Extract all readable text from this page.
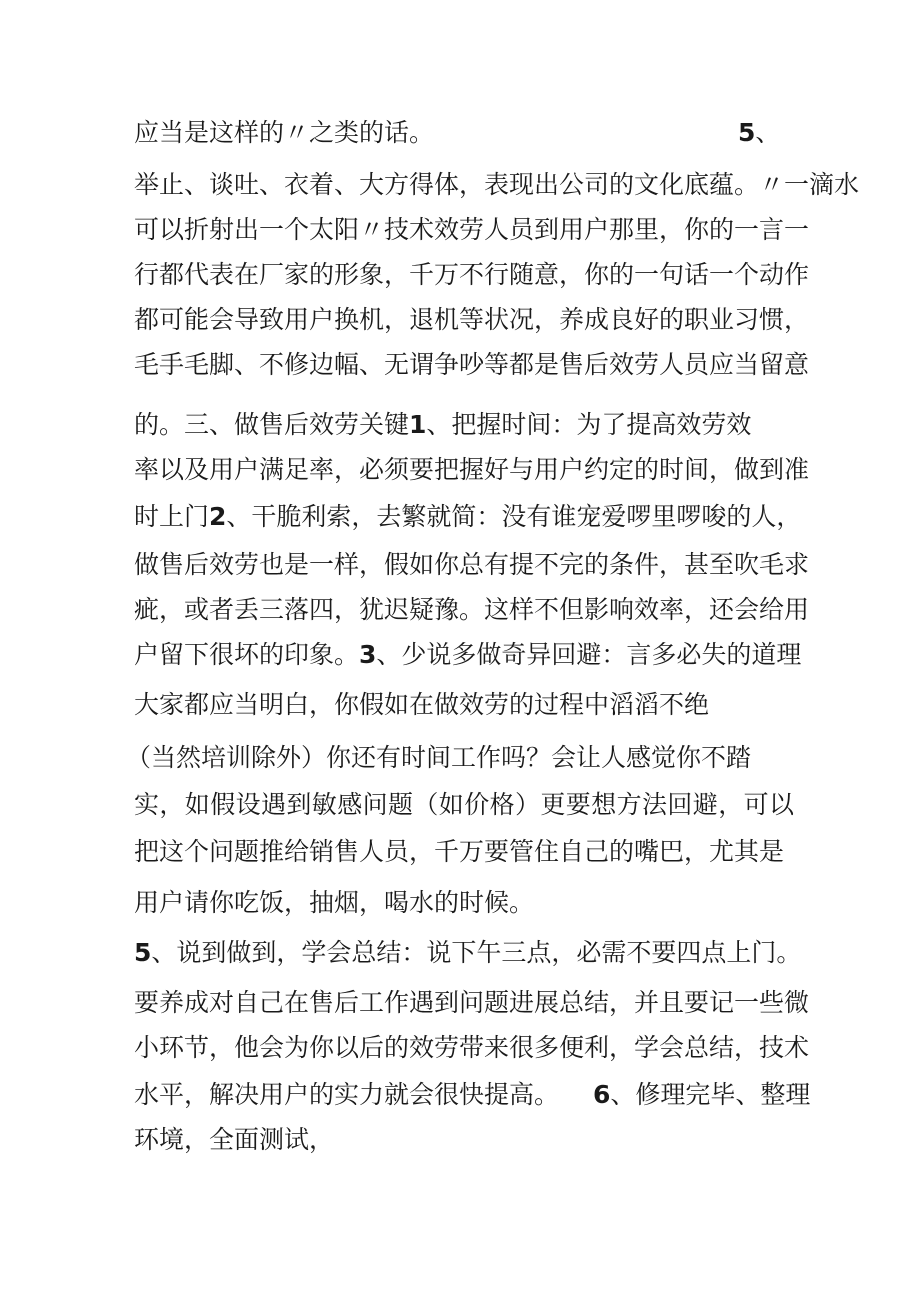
应当是这样的〃之类的话。	5、
举止、谈吐、衣着、大方得体，表现出公司的文化底蕴。〃一滴水
可以折射出一个太阳〃技术效劳人员到用户那里，你的一言一
行都代表在厂家的形象，千万不行随意，你的一句话一个动作
都可能会导致用户换机，退机等状况，养成良好的职业习惯，
毛手毛脚、不修边幅、无谓争吵等都是售后效劳人员应当留意
的。三、做售后效劳关键1、把握时间：为了提高效劳效
率以及用户满足率，必须要把握好与用户约定的时间，做到准
时上门2、干脆利索，去繁就简：没有谁宠爱啰里啰唆的人，
做售后效劳也是一样，假如你总有提不完的条件，甚至吹毛求
疵，或者丢三落四，犹迟疑豫。这样不但影响效率，还会给用
户留下很坏的印象。3、少说多做奇异回避：言多必失的道理
大家都应当明白，你假如在做效劳的过程中滔滔不绝
（当然培训除外）你还有时间工作吗？会让人感觉你不踏
实，如假设遇到敏感问题（如价格）更要想方法回避，可以
把这个问题推给销售人员，千万要管住自己的嘴巴，尤其是
用户请你吃饭，抽烟，喝水的时候。
5、说到做到，学会总结：说下午三点，必需不要四点上门。
要养成对自己在售后工作遇到问题进展总结，并且要记一些微
小环节，他会为你以后的效劳带来很多便利，学会总结，技术
水平，解决用户的实力就会很快提高。 6、修理完毕、整理
环境，全面测试，
